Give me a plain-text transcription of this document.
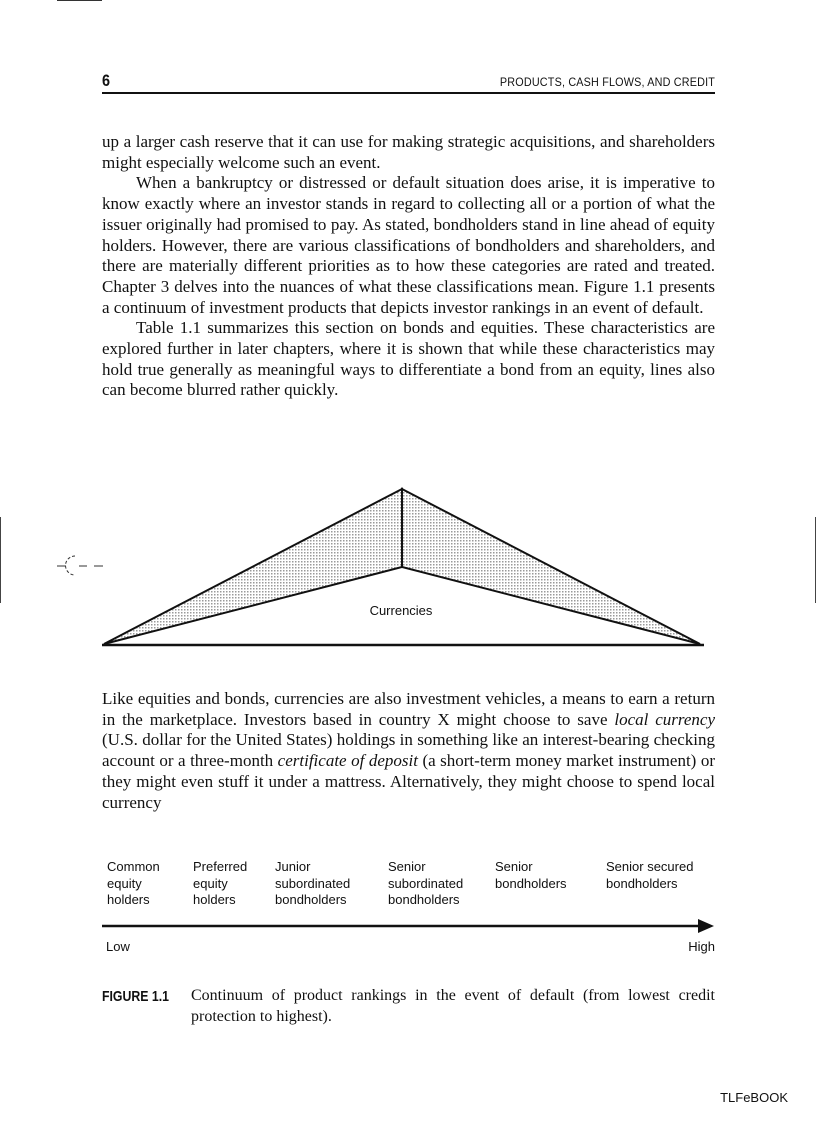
6	PRODUCTS, CASH FLOWS, AND CREDIT

up a larger cash reserve that it can use for making strategic acquisitions, and shareholders might especially welcome such an event.

When a bankruptcy or distressed or default situation does arise, it is imperative to know exactly where an investor stands in regard to collecting all or a portion of what the issuer originally had promised to pay. As stated, bondholders stand in line ahead of equity holders. However, there are various classifications of bondholders and shareholders, and there are materially different priorities as to how these categories are rated and treated. Chapter 3 delves into the nuances of what these classifications mean. Figure 1.1 presents a continuum of investment products that depicts investor rankings in an event of default.

Table 1.1 summarizes this section on bonds and equities. These characteristics are explored further in later chapters, where it is shown that while these characteristics may hold true generally as meaningful ways to differentiate a bond from an equity, lines also can become blurred rather quickly.

Currencies

Like equities and bonds, currencies are also investment vehicles, a means to earn a return in the marketplace. Investors based in country X might choose to save local currency (U.S. dollar for the United States) holdings in something like an interest-bearing checking account or a three-month certificate of deposit (a short-term money market instrument) or they might even stuff it under a mattress. Alternatively, they might choose to spend local currency

Common
equity
holders
Preferred
equity
holders
Junior
subordinated
bondholders
Senior
subordinated
bondholders
Senior
bondholders
Senior secured
bondholders
Low	High
FIGURE 1.1 Continuum of product rankings in the event of default (from lowest credit protection to highest).
TLFeBOOK
